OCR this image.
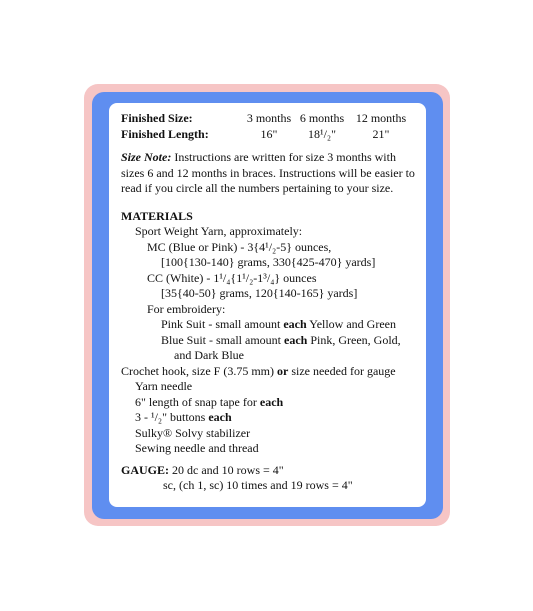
Finished Size:	3 months 6 months 12 months
Finished Length:	16"	18¹/₂"	21"
Size Note: Instructions are written for size 3 months with sizes 6 and 12 months in braces. Instructions will be easier to read if you circle all the numbers pertaining to your size.
MATERIALS
Sport Weight Yarn, approximately:
MC (Blue or Pink) - 3{4¹/₂-5} ounces,
[100{130-140} grams, 330{425-470} yards]
CC (White) - 1¹/₄{1¹/₂-1³/₄} ounces
[35{40-50} grams, 120{140-165} yards]
For embroidery:
Pink Suit - small amount each Yellow and Green
Blue Suit - small amount each Pink, Green, Gold,
and Dark Blue
Crochet hook, size F (3.75 mm) or size needed for gauge
Yarn needle
6" length of snap tape for each
3 - ¹/₂" buttons each
Sulky® Solvy stabilizer
Sewing needle and thread
GAUGE: 20 dc and 10 rows = 4"
sc, (ch 1, sc) 10 times and 19 rows = 4"
